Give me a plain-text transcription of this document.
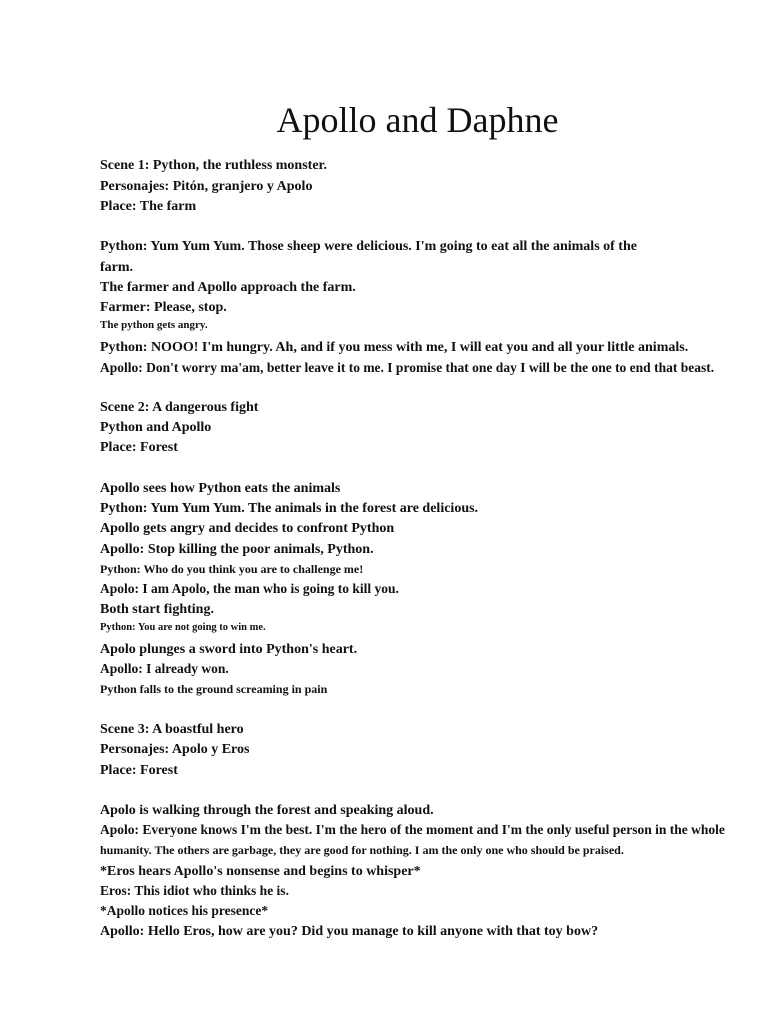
Apollo and Daphne

Scene 1: Python, the ruthless monster.

Personajes: Pitón, granjero y Apolo

Place: The farm

Python: Yum Yum Yum. Those sheep were delicious. I'm going to eat all the animals of the

farm.

The farmer and Apollo approach the farm.

Farmer: Please, stop.

The python gets angry.

Python: NOOO! I'm hungry. Ah, and if you mess with me, I will eat you and all your little animals.

Apollo: Don't worry ma'am, better leave it to me. I promise that one day I will be the one to end that beast.

Scene 2: A dangerous fight

Python and Apollo

Place: Forest

Apollo sees how Python eats the animals

Python: Yum Yum Yum. The animals in the forest are delicious.

Apollo gets angry and decides to confront Python

Apollo: Stop killing the poor animals, Python.

Python: Who do you think you are to challenge me!

Apolo: I am Apolo, the man who is going to kill you.

Both start fighting.

Python: You are not going to win me.

Apolo plunges a sword into Python's heart.

Apollo: I already won.

Python falls to the ground screaming in pain

Scene 3: A boastful hero

Personajes: Apolo y Eros

Place: Forest

Apolo is walking through the forest and speaking aloud.

Apolo: Everyone knows I'm the best. I'm the hero of the moment and I'm the only useful person in the whole

humanity. The others are garbage, they are good for nothing. I am the only one who should be praised.

*Eros hears Apollo's nonsense and begins to whisper*

Eros: This idiot who thinks he is.

*Apollo notices his presence*

Apollo: Hello Eros, how are you? Did you manage to kill anyone with that toy bow?
